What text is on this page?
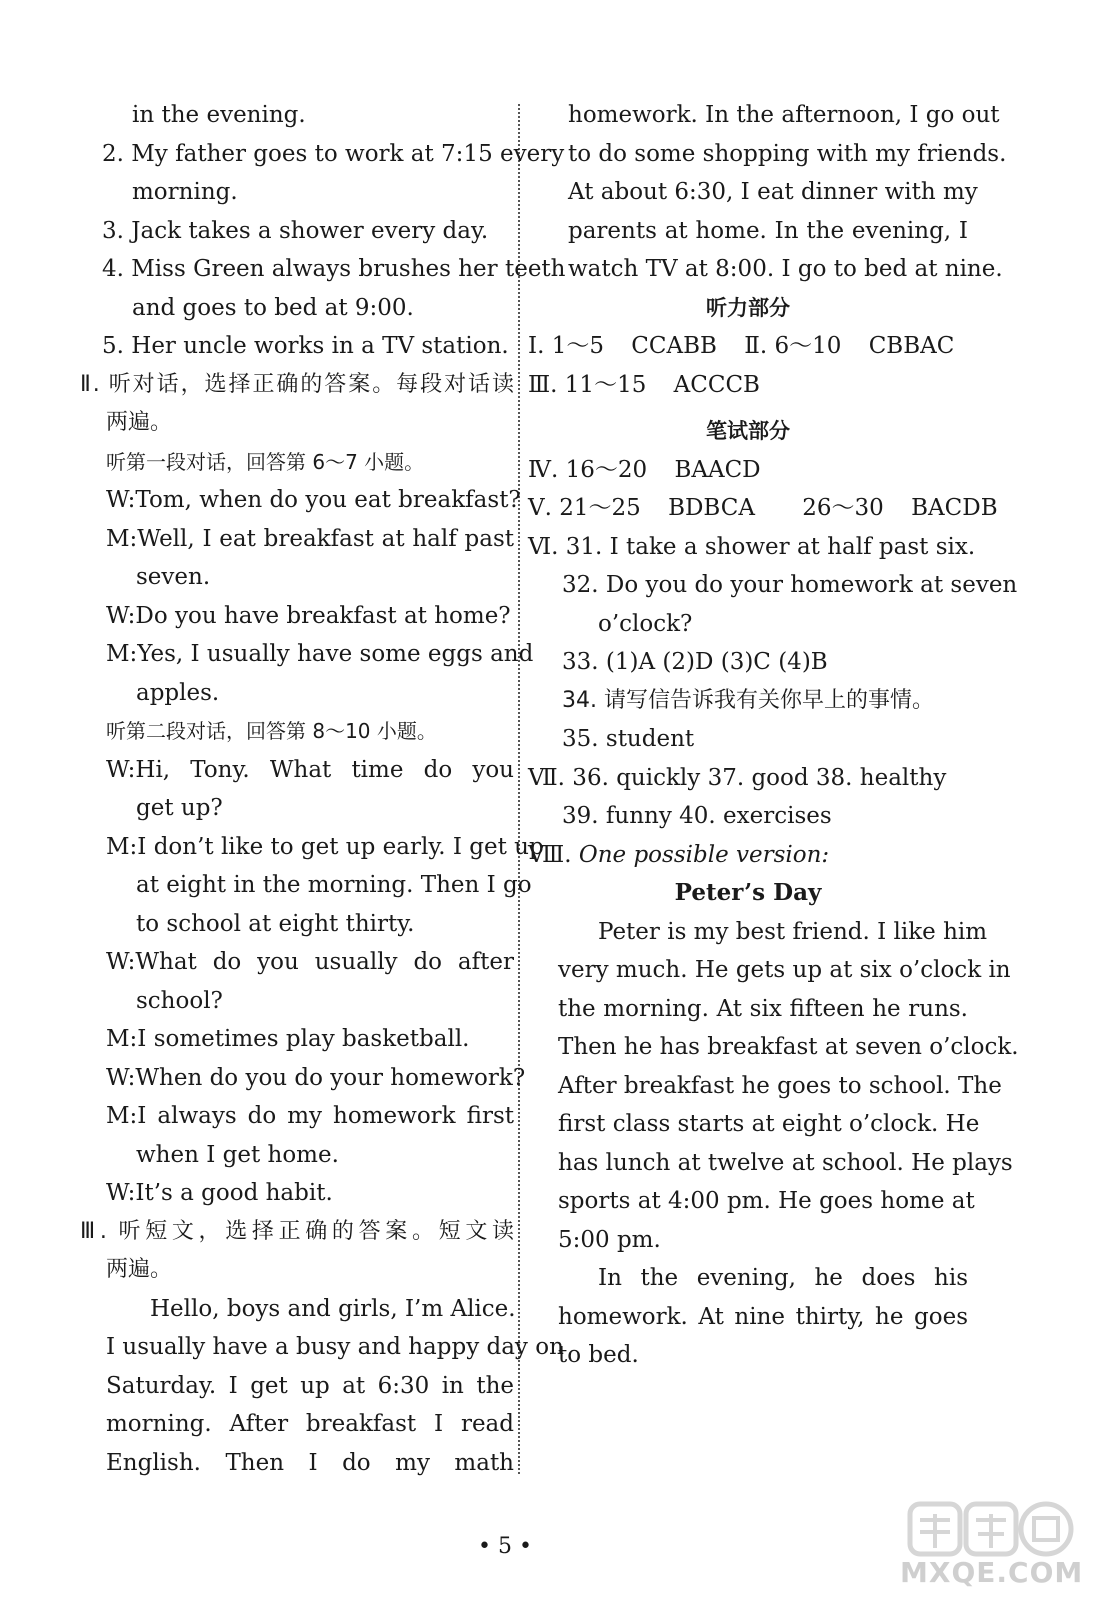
in the evening.
2. My father goes to work at 7:15 every
morning.
3. Jack takes a shower every day.
4. Miss Green always brushes her teeth
and goes to bed at 9:00.
5. Her uncle works in a TV station.
Ⅱ. 听对话，选择正确的答案。每段对话读
两遍。
听第一段对话，回答第 6～7 小题。
W:Tom, when do you eat breakfast?
M:Well, I eat breakfast at half past
seven.
W:Do you have breakfast at home?
M:Yes, I usually have some eggs and
apples.
听第二段对话，回答第 8～10 小题。
W:Hi, Tony. What time do you
get up?
M:I don’t like to get up early. I get up
at eight in the morning. Then I go
to school at eight thirty.
W:What do you usually do after
school?
M:I sometimes play basketball.
W:When do you do your homework?
M:I always do my homework first
when I get home.
W:It’s a good habit.
Ⅲ. 听短文，选择正确的答案。短文读
两遍。
Hello, boys and girls, I’m Alice.
I usually have a busy and happy day on
Saturday. I get up at 6:30 in the
morning. After breakfast I read
English. Then I do my math
homework. In the afternoon, I go out
to do some shopping with my friends.
At about 6:30, I eat dinner with my
parents at home. In the evening, I
watch TV at 8:00. I go to bed at nine.
听力部分
Ⅰ. 1～5 CCABB Ⅱ. 6～10 CBBAC
Ⅲ. 11～15 ACCCB
笔试部分
Ⅳ. 16～20 BAACD
Ⅴ. 21～25 BDBCA 26～30 BACDB
Ⅵ. 31. I take a shower at half past six.
32. Do you do your homework at seven
o’clock?
33. (1)A (2)D (3)C (4)B
34. 请写信告诉我有关你早上的事情。
35. student
Ⅶ. 36. quickly 37. good 38. healthy
39. funny 40. exercises
Ⅷ. One possible version:
Peter’s Day
Peter is my best friend. I like him
very much. He gets up at six o’clock in
the morning. At six fifteen he runs.
Then he has breakfast at seven o’clock.
After breakfast he goes to school. The
first class starts at eight o’clock. He
has lunch at twelve at school. He plays
sports at 4:00 pm. He goes home at
5:00 pm.
In the evening, he does his
homework. At nine thirty, he goes
to bed.
• 5 •
MXQE.COM
